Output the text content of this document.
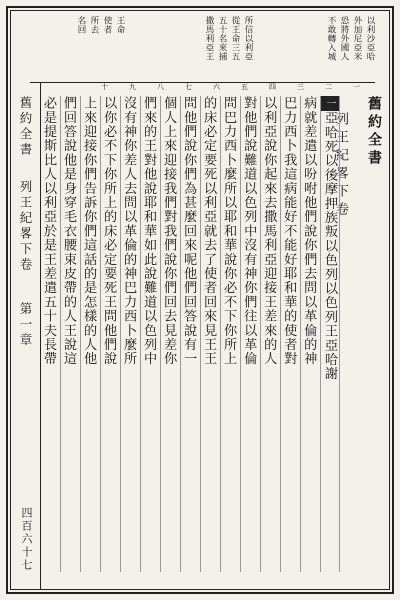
以利沙亞哈
外加尼亞米
恐將外國人
不敢轉入城
所信以利亞
從王命三五
五十名來捕
撒馬利亞王
王命
使者
所去
名回
一
二
三
四
五
六
七
八
九
十
舊約全書
列王紀畧下卷
一亞哈死以後摩押族叛以色列以色列王亞哈謝
病就差遣以吩咐他們說你們去問以革倫的神
巴力西卜我這病能好不能好耶和華的使者對
以利亞說你起來去撒馬利亞迎接王差來的人
對他們說難道以色列中沒有神你們往以革倫
問巴力西卜麼所以耶和華說你必不下你所上
的床必定要死以利亞就去了使者回來見王王
問他們說你們為甚麼回來呢他們回答說有一
個人上來迎接我們對我們說你們回去見差你
們來的王對他說耶和華如此說難道以色列中
沒有神你差人去問以革倫的神巴力西卜麼所
以你必不下你所上的床必定要死王問他們說
上來迎接你們告訴你們這話的是怎樣的人他
們回答說他是身穿毛衣腰束皮帶的人王說這
必是提斯比人以利亞於是王差遣五十夫長帶
舊約全書
列王紀畧下卷
第一章
四百六十七
